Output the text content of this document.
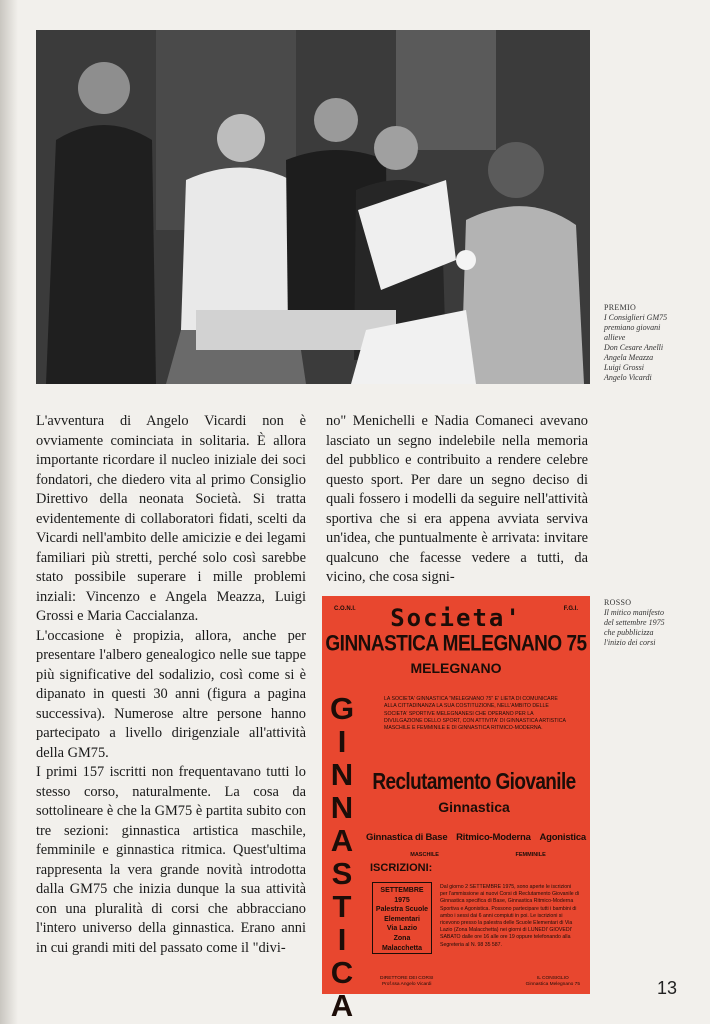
PREMIO
I Consiglieri GM75
premiano giovani
allieve
Don Cesare Anelli
Angela Meazza
Luigi Grossi
Angelo Vicardi

L'avventura di Angelo Vicardi non è ovviamente cominciata in solitaria. È allora importante ricordare il nucleo iniziale dei soci fondatori, che diedero vita al primo Consiglio Direttivo della neonata Società. Si tratta evidentemente di collaboratori fidati, scelti da Vicardi nell'ambito delle amicizie e dei legami familiari più stretti, perché solo così sarebbe stato possibile superare i mille problemi inziali: Vincenzo e Angela Meazza, Luigi Grossi e Maria Caccialanza.

L'occasione è propizia, allora, anche per presentare l'albero genealogico nelle sue tappe più significative del sodalizio, così come si è dipanato in questi 30 anni (figura a pagina successiva). Numerose altre persone hanno partecipato a livello dirigenziale all'attività della GM75.

I primi 157 iscritti non frequentavano tutti lo stesso corso, naturalmente. La cosa da sottolineare è che la GM75 è partita subito con tre sezioni: ginnastica artistica maschile, femminile e ginnastica ritmica. Quest'ultima rappresenta la vera grande novità introdotta dalla GM75 che inizia dunque la sua attività con una pluralità di corsi che abbracciano l'intero universo della ginnastica. Erano anni in cui grandi miti del passato come il "divi-

no" Menichelli e Nadia Comaneci avevano lasciato un segno indelebile nella memoria del pubblico e contribuito a rendere celebre questo sport. Per dare un segno deciso di quali fossero i modelli da seguire nell'attività sportiva che si era appena avviata serviva un'idea, che puntualmente è arrivata: invitare qualcuno che facesse vedere a tutti, da vicino, che cosa signi-

C.O.N.I.	F.G.I.
Societa'
GINNASTICA MELEGNANO 75
MELEGNANO
G
I
N
N
A
S
T
I
C
A
LA SOCIETA' GINNASTICA "MELEGNANO 75" E' LIETA DI COMUNICARE ALLA CITTADINANZA LA SUA COSTITUZIONE, NELL'AMBITO DELLE SOCIETA' SPORTIVE MELEGNANESI CHE OPERANO PER LA DIVULGAZIONE DELLO SPORT, CON ATTIVITA' DI GINNASTICA ARTISTICA MASCHILE E FEMMINILE E DI GINNASTICA RITMICO-MODERNA.
Reclutamento Giovanile
Ginnastica
Ginnastica di Base Ritmico-Moderna Agonistica
MASCHILE	FEMMINILE
ISCRIZIONI:
SETTEMBRE
1975
Palestra Scuole
Elementari
Via Lazio
Zona Malacchetta
Dal giorno 2 SETTEMBRE 1975, sono aperte le iscrizioni per l'ammissione ai nuovi Corsi di Reclutamento Giovanile di Ginnastica specifica di Base, Ginnastica Ritmico-Moderna Sportiva e Agonistica. Possono partecipare tutti i bambini di ambo i sessi dai 6 anni compiuti in poi. Le iscrizioni si ricevono presso la palestra delle Scuole Elementari di Via Lazio (Zona Malacchetta) nei giorni di LUNEDI' GIOVEDI' SABATO dalle ore 16 alle ore 19 oppure telefonando alla Segreteria al N. 98 35 587.
DIRETTORE DEI CORSI
Prof.ssa Angelo Vicardi
IL CONSIGLIO
Ginnastica Melegnano 75
ROSSO
Il mitico manifesto
del settembre 1975
che pubblicizza
l'inizio dei corsi
13
